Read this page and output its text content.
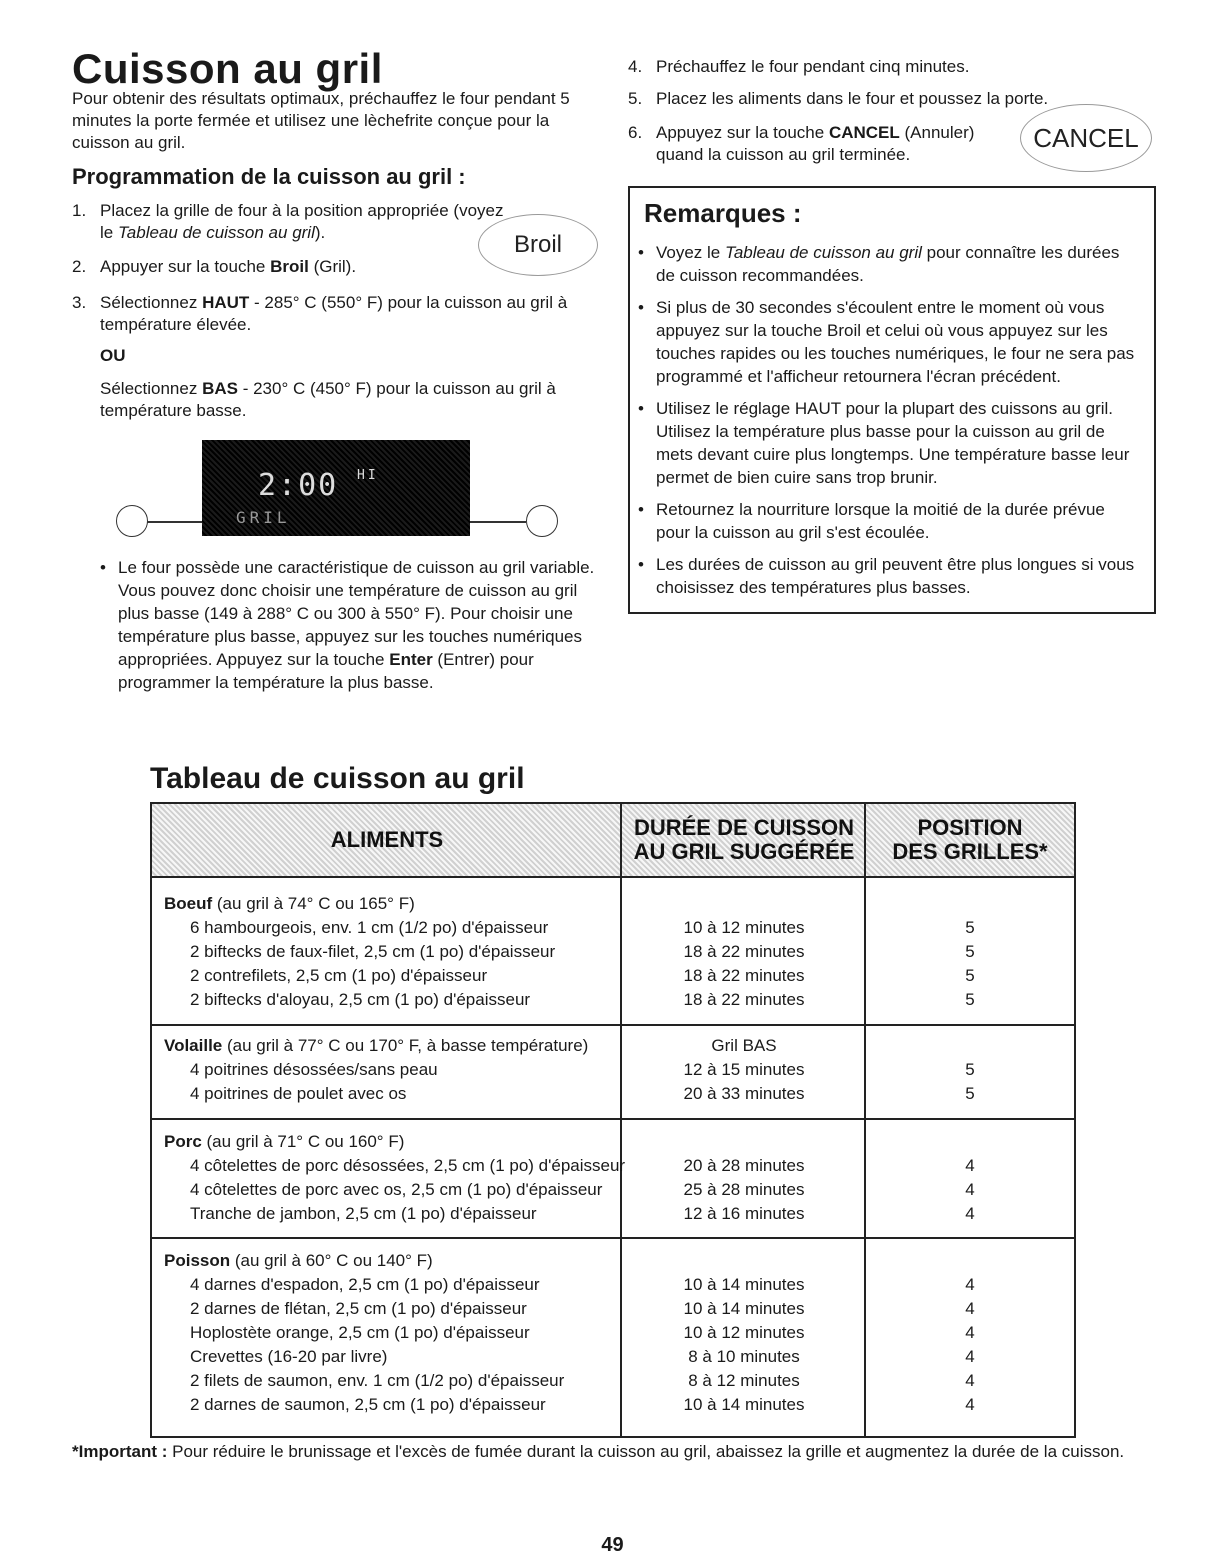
Cuisson au gril
Pour obtenir des résultats optimaux, préchauffez le four pendant 5 minutes la porte fermée et utilisez une lèchefrite conçue pour la cuisson au gril.
Programmation de la cuisson au gril :
1. Placez la grille de four à la position appropriée (voyez le Tableau de cuisson au gril).
2. Appuyer sur la touche Broil (Gril).
Broil
3. Sélectionnez HAUT - 285° C (550° F) pour la cuisson au gril à température élevée.
OU
Sélectionnez BAS - 230° C (450° F) pour la cuisson au gril à température basse.
2:00 HI
GRIL
• Le four possède une caractéristique de cuisson au gril variable. Vous pouvez donc choisir une température de cuisson au gril plus basse (149 à 288° C ou 300 à 550° F). Pour choisir une température plus basse, appuyez sur les touches numériques appropriées. Appuyez sur la touche Enter (Entrer) pour programmer la température la plus basse.
4. Préchauffez le four pendant cinq minutes.
5. Placez les aliments dans le four et poussez la porte.
6. Appuyez sur la touche CANCEL (Annuler) quand la cuisson au gril terminée.
CANCEL
Remarques :
• Voyez le Tableau de cuisson au gril pour connaître les durées de cuisson recommandées.
• Si plus de 30 secondes s'écoulent entre le moment où vous appuyez sur la touche Broil et celui où vous appuyez sur les touches rapides ou les touches numériques, le four ne sera pas programmé et l'afficheur retournera l'écran précédent.
• Utilisez le réglage HAUT pour la plupart des cuissons au gril. Utilisez la température plus basse pour la cuisson au gril de mets devant cuire plus longtemps. Une température basse leur permet de bien cuire sans trop brunir.
• Retournez la nourriture lorsque la moitié de la durée prévue pour la cuisson au gril s'est écoulée.
• Les durées de cuisson au gril peuvent être plus longues si vous choisissez des températures plus basses.
Tableau de cuisson au gril
ALIMENTS	DURÉE DE CUISSON
AU GRIL SUGGÉRÉE
POSITION
DES GRILLES*
Boeuf (au gril à 74° C ou 165° F)
6 hambourgeois, env. 1 cm (1/2 po) d'épaisseur
2 biftecks de faux-filet, 2,5 cm (1 po) d'épaisseur
2 contrefilets, 2,5 cm (1 po) d'épaisseur
2 biftecks d'aloyau, 2,5 cm (1 po) d'épaisseur
10 à 12 minutes
18 à 22 minutes
18 à 22 minutes
18 à 22 minutes
5
5
5
5
Volaille (au gril à 77° C ou 170° F, à basse température)	Gril BAS
4 poitrines désossées/sans peau
4 poitrines de poulet avec os
12 à 15 minutes
20 à 33 minutes
5
5
Porc (au gril à 71° C ou 160° F)
4 côtelettes de porc désossées, 2,5 cm (1 po) d'épaisseur
4 côtelettes de porc avec os, 2,5 cm (1 po) d'épaisseur
Tranche de jambon, 2,5 cm (1 po) d'épaisseur
20 à 28 minutes
25 à 28 minutes
12 à 16 minutes
4
4
4
Poisson (au gril à 60° C ou 140° F)
4 darnes d'espadon, 2,5 cm (1 po) d'épaisseur
2 darnes de flétan, 2,5 cm (1 po) d'épaisseur
Hoplostète orange, 2,5 cm (1 po) d'épaisseur
Crevettes (16-20 par livre)
2 filets de saumon, env. 1 cm (1/2 po) d'épaisseur
2 darnes de saumon, 2,5 cm (1 po) d'épaisseur
10 à 14 minutes
10 à 14 minutes
10 à 12 minutes
8 à 10 minutes
8 à 12 minutes
10 à 14 minutes
4
4
4
4
4
4
*Important : Pour réduire le brunissage et l'excès de fumée durant la cuisson au gril, abaissez la grille et augmentez la durée de la cuisson.
49
